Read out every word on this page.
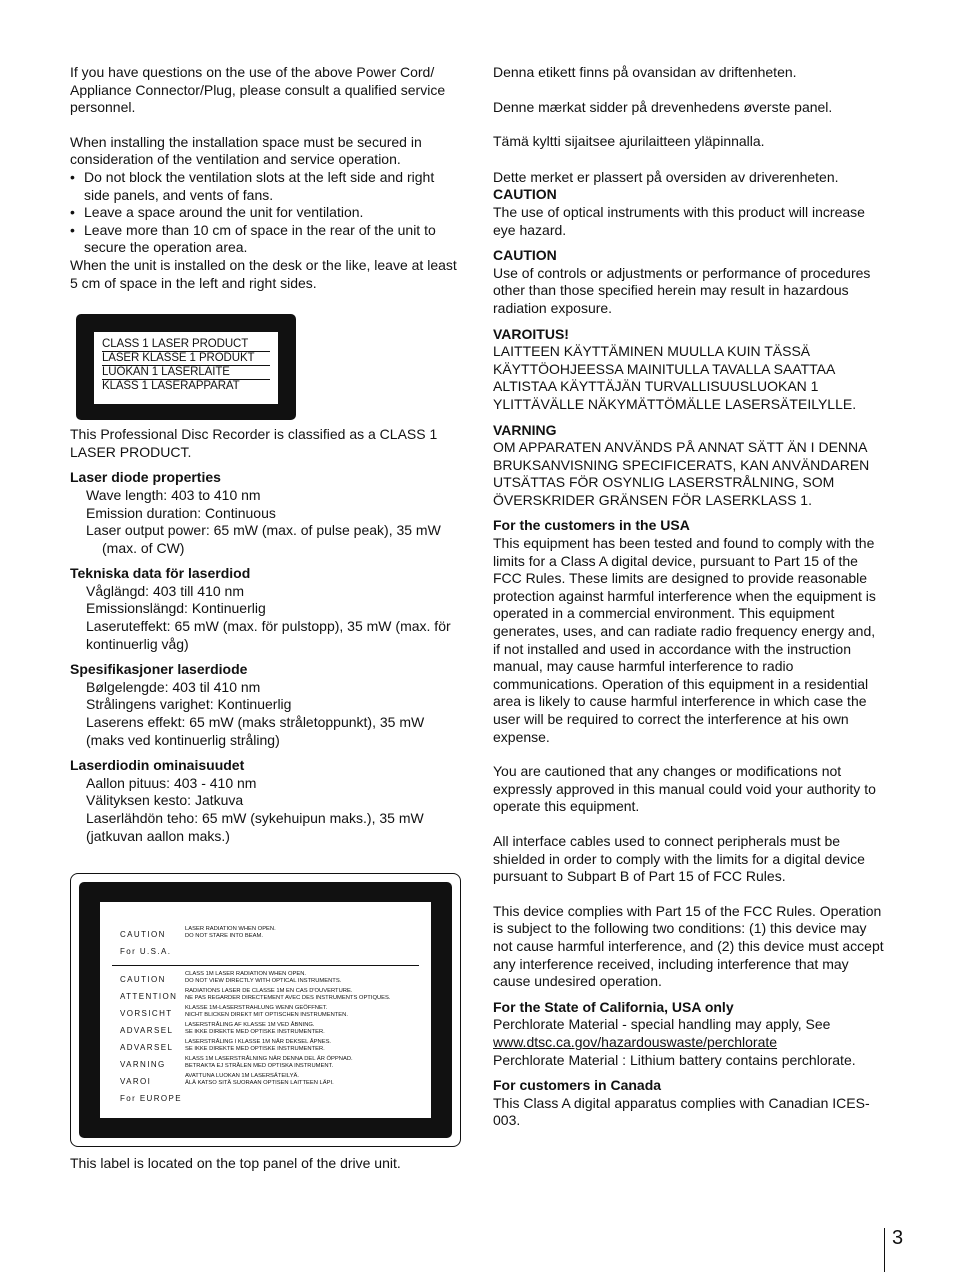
If you have questions on the use of the above Power Cord/ Appliance Connector/Plug, please consult a qualified service personnel.

When installing the installation space must be secured in consideration of the ventilation and service operation.

• Do not block the ventilation slots at the left side and right side panels, and vents of fans.
• Leave a space around the unit for ventilation.
• Leave more than 10 cm of space in the rear of the unit to secure the operation area.

When the unit is installed on the desk or the like, leave at least 5 cm of space in the left and right sides.

CLASS 1 LASER PRODUCT
LASER KLASSE 1 PRODUKT
LUOKAN 1 LASERLAITE
KLASS 1 LASERAPPARAT

This Professional Disc Recorder is classified as a CLASS 1 LASER PRODUCT.

Laser diode properties

Wave length: 403 to 410 nm

Emission duration: Continuous

Laser output power: 65 mW (max. of pulse peak), 35 mW (max. of CW)

Tekniska data för laserdiod

Våglängd: 403 till 410 nm

Emissionslängd: Kontinuerlig

Laseruteffekt: 65 mW (max. för pulstopp), 35 mW (max. för kontinuerlig våg)

Spesifikasjoner laserdiode

Bølgelengde: 403 til 410 nm

Strålingens varighet: Kontinuerlig

Laserens effekt: 65 mW (maks stråletoppunkt), 35 mW (maks ved kontinuerlig stråling)

Laserdiodin ominaisuudet

Aallon pituus: 403 - 410 nm

Välityksen kesto: Jatkuva

Laserlähdön teho: 65 mW (sykehuipun maks.), 35 mW (jatkuvan aallon maks.)

CAUTION
LASER RADIATION WHEN OPEN.
DO NOT STARE INTO BEAM.
For U.S.A.
CAUTION
CLASS 1M LASER RADIATION WHEN OPEN.
DO NOT VIEW DIRECTLY WITH OPTICAL INSTRUMENTS.
ATTENTION
RADIATIONS LASER DE CLASSE 1M EN CAS D'OUVERTURE.
NE PAS REGARDER DIRECTEMENT AVEC DES INSTRUMENTS OPTIQUES.
VORSICHT
KLASSE 1M-LASERSTRAHLUNG WENN GEÖFFNET.
NICHT BLICKEN DIREKT MIT OPTISCHEN INSTRUMENTEN.
ADVARSEL
LASERSTRÅLING AF KLASSE 1M VED ÅBNING.
SE IKKE DIREKTE MED OPTISKE INSTRUMENTER.
ADVARSEL
LASERSTRÅLING I KLASSE 1M NÅR DEKSEL ÅPNES.
SE IKKE DIREKTE MED OPTISKE INSTRUMENTER.
VARNING
KLASS 1M LASERSTRÅLNING NÄR DENNA DEL ÄR ÖPPNAD.
BETRAKTA EJ STRÅLEN MED OPTISKA INSTRUMENT.
VAROI
AVATTUNA LUOKAN 1M LASERSÄTEILYÄ.
ÄLÄ KATSO SITÄ SUORAAN OPTISEN LAITTEEN LÄPI.
For EUROPE

This label is located on the top panel of the drive unit.

Denna etikett finns på ovansidan av driftenheten.

Denne mærkat sidder på drevenhedens øverste panel.

Tämä kyltti sijaitsee ajurilaitteen yläpinnalla.

Dette merket er plassert på oversiden av driverenheten.

CAUTION

The use of optical instruments with this product will increase eye hazard.

CAUTION

Use of controls or adjustments or performance of procedures other than those specified herein may result in hazardous radiation exposure.

VAROITUS!

LAITTEEN KÄYTTÄMINEN MUULLA KUIN TÄSSÄ KÄYTTÖOHJEESSA MAINITULLA TAVALLA SAATTAA ALTISTAA KÄYTTÄJÄN TURVALLISUUSLUOKAN 1 YLITTÄVÄLLE NÄKYMÄTTÖMÄLLE LASERSÄTEILYLLE.

VARNING

OM APPARATEN ANVÄNDS PÅ ANNAT SÄTT ÄN I DENNA BRUKSANVISNING SPECIFICERATS, KAN ANVÄNDAREN UTSÄTTAS FÖR OSYNLIG LASERSTRÅLNING, SOM ÖVERSKRIDER GRÄNSEN FÖR LASERKLASS 1.

For the customers in the USA

This equipment has been tested and found to comply with the limits for a Class A digital device, pursuant to Part 15 of the FCC Rules. These limits are designed to provide reasonable protection against harmful interference when the equipment is operated in a commercial environment. This equipment generates, uses, and can radiate radio frequency energy and, if not installed and used in accordance with the instruction manual, may cause harmful interference to radio communications. Operation of this equipment in a residential area is likely to cause harmful interference in which case the user will be required to correct the interference at his own expense.

You are cautioned that any changes or modifications not expressly approved in this manual could void your authority to operate this equipment.

All interface cables used to connect peripherals must be shielded in order to comply with the limits for a digital device pursuant to Subpart B of Part 15 of FCC Rules.

This device complies with Part 15 of the FCC Rules. Operation is subject to the following two conditions: (1) this device may not cause harmful interference, and (2) this device must accept any interference received, including interference that may cause undesired operation.

For the State of California, USA only

Perchlorate Material - special handling may apply, See

www.dtsc.ca.gov/hazardouswaste/perchlorate

Perchlorate Material : Lithium battery contains perchlorate.

For customers in Canada

This Class A digital apparatus complies with Canadian ICES-003.

3
